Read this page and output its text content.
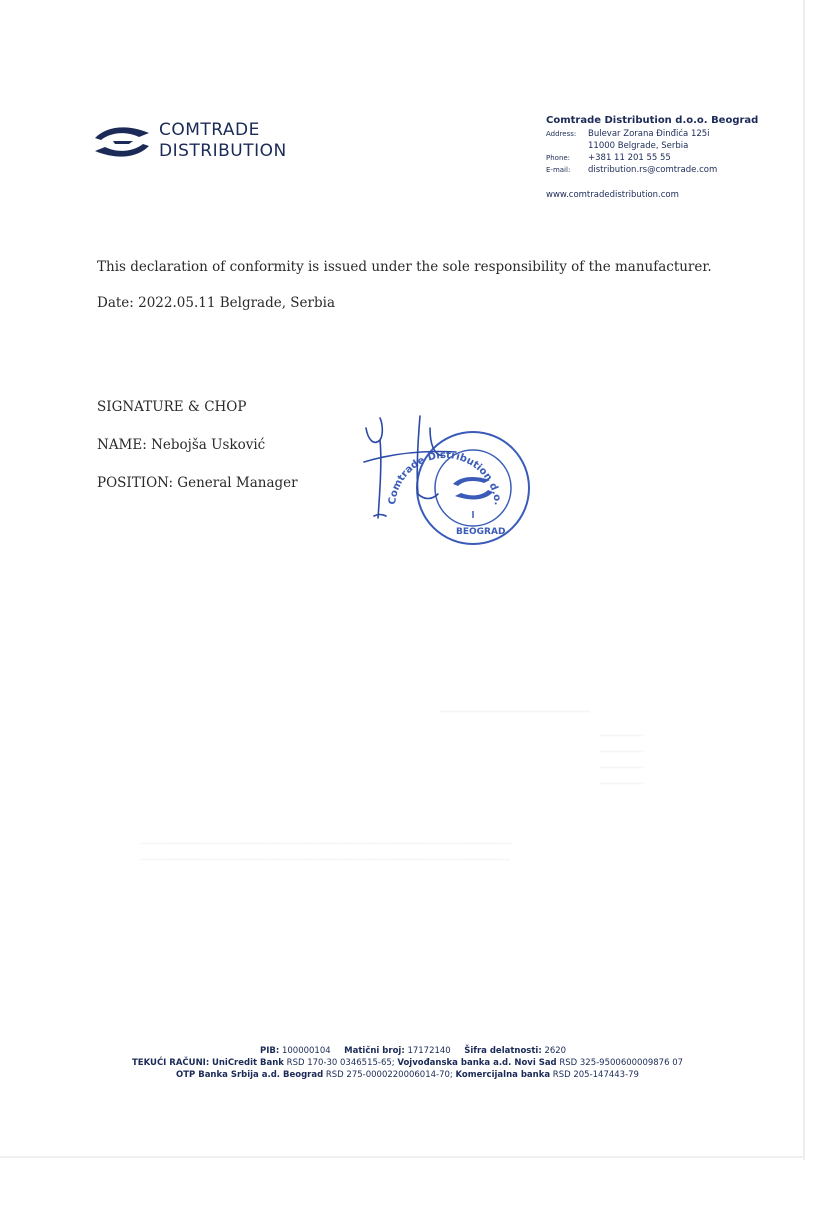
COMTRADE
DISTRIBUTION
Comtrade Distribution d.o.o. Beograd
Address: Bulevar Zorana Đinđića 125i
11000 Belgrade, Serbia
Phone: +381 11 201 55 55
E-mail: distribution.rs@comtrade.com
www.comtradedistribution.com
This declaration of conformity is issued under the sole responsibility of the manufacturer.
Date: 2022.05.11 Belgrade, Serbia
SIGNATURE & CHOP
NAME: Nebojša Usković
POSITION: General Manager
Comtrade Distribution d.o.
BEOGRAD
-------------------------------------
-----------
-----------
-----------
-----------
--------------------------------------------------------------------------------------------
-------------------------------------------------------------------------------------------
PIB: 100000104 Matični broj: 17172140 Šifra delatnosti: 2620
TEKUĆI RAČUNI: UniCredit Bank RSD 170-30 0346515-65; Vojvođanska banka a.d. Novi Sad RSD 325-9500600009876 07
OTP Banka Srbija a.d. Beograd RSD 275-0000220006014-70; Komercijalna banka RSD 205-147443-79
